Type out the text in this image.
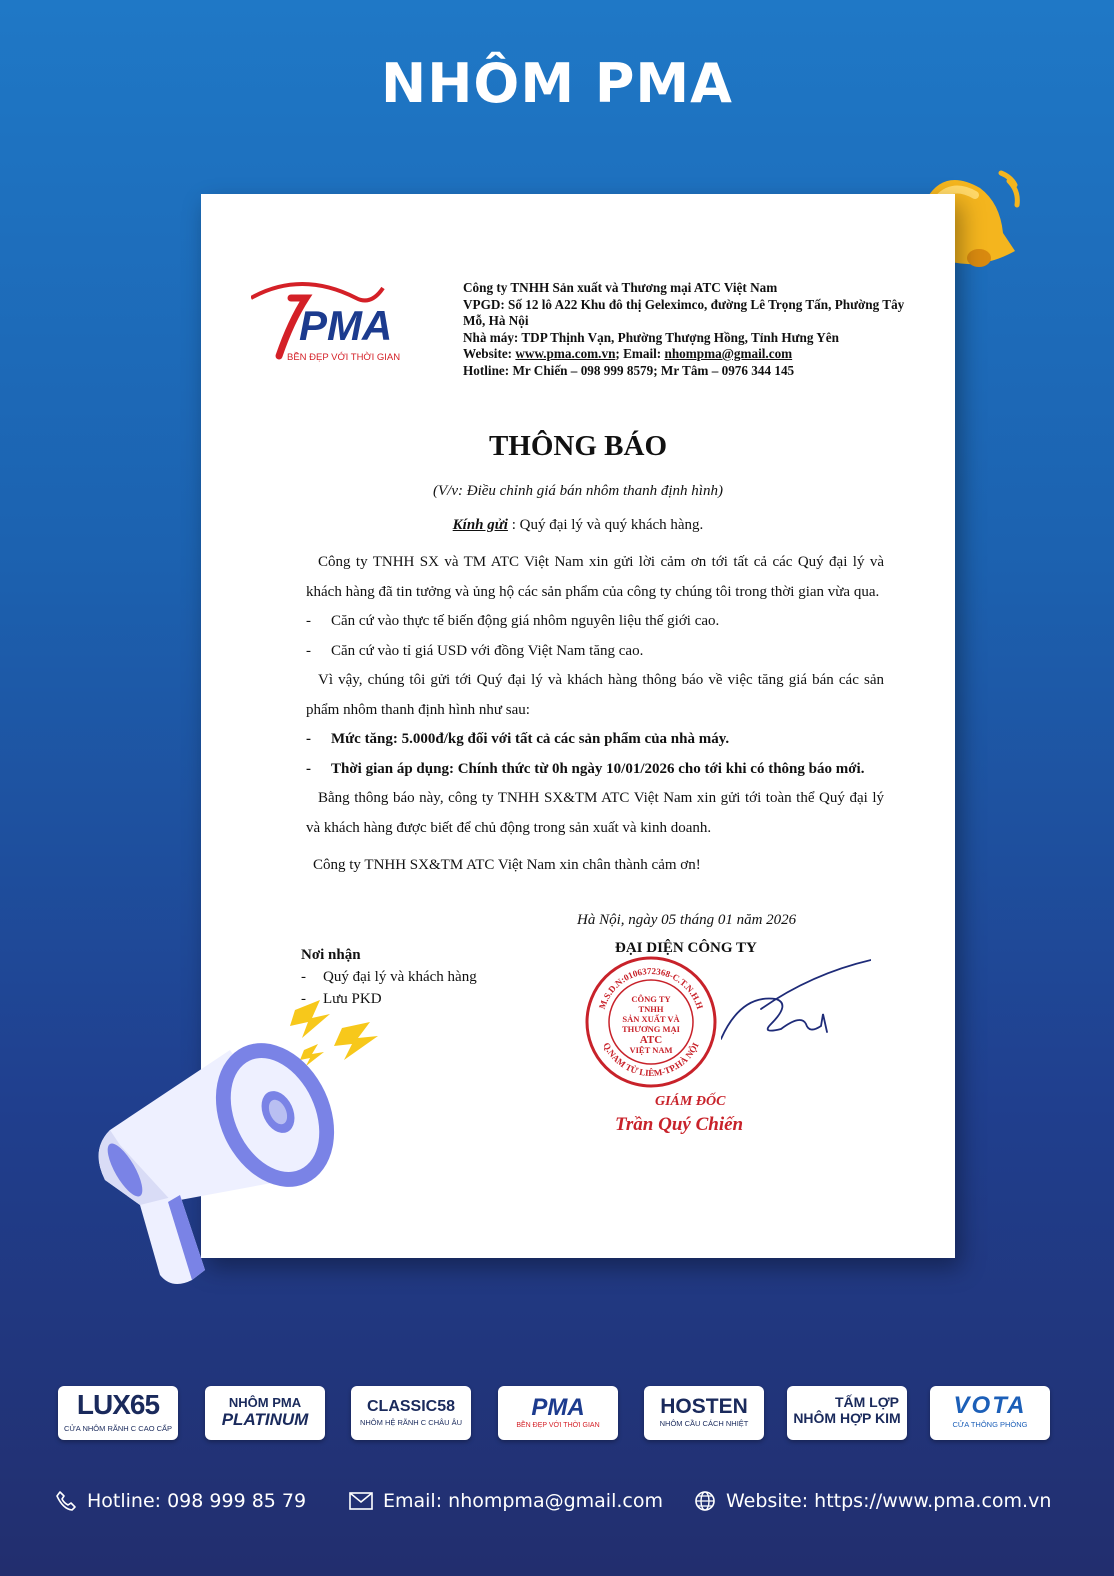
NHÔM PMA
PMA
BỀN ĐẸP VỚI THỜI GIAN
Công ty TNHH Sản xuất và Thương mại ATC Việt Nam
VPGD: Số 12 lô A22 Khu đô thị Geleximco, đường Lê Trọng Tấn, Phường Tây
Mỗ, Hà Nội
Nhà máy: TDP Thịnh Vạn, Phường Thượng Hồng, Tỉnh Hưng Yên
Website: www.pma.com.vn; Email: nhompma@gmail.com
Hotline: Mr Chiến – 098 999 8579; Mr Tâm – 0976 344 145
THÔNG BÁO
(V/v: Điều chỉnh giá bán nhôm thanh định hình)
Kính gửi : Quý đại lý và quý khách hàng.

Công ty TNHH SX và TM ATC Việt Nam xin gửi lời cảm ơn tới tất cả các Quý đại lý và khách hàng đã tin tưởng và ủng hộ các sản phẩm của công ty chúng tôi trong thời gian vừa qua.

-	Căn cứ vào thực tế biến động giá nhôm nguyên liệu thế giới cao.
-	Căn cứ vào tỉ giá USD với đồng Việt Nam tăng cao.

Vì vậy, chúng tôi gửi tới Quý đại lý và khách hàng thông báo về việc tăng giá bán các sản phẩm nhôm thanh định hình như sau:

-	Mức tăng: 5.000đ/kg đối với tất cả các sản phẩm của nhà máy.
-	Thời gian áp dụng: Chính thức từ 0h ngày 10/01/2026 cho tới khi có thông báo mới.

Bằng thông báo này, công ty TNHH SX&TM ATC Việt Nam xin gửi tới toàn thể Quý đại lý và khách hàng được biết để chủ động trong sản xuất và kinh doanh.

Công ty TNHH SX&TM ATC Việt Nam xin chân thành cảm ơn!

Hà Nội, ngày 05 tháng 01 năm 2026
ĐẠI DIỆN CÔNG TY
Nơi nhận
-	Quý đại lý và khách hàng
-	Lưu PKD	M.S.D.N:0106372368-C.T.N.H.H
Q.NAM TỪ LIÊM-TP.HÀ NỘI
CÔNG TY
TNHH
SẢN XUẤT VÀ
THƯƠNG MẠI
ATC
VIỆT NAM
GIÁM ĐỐC
Trần Quý Chiến
LUX65
CỬA NHÔM RÃNH C CAO CẤP
NHÔM PMA
PLATINUM
CLASSIC58
NHÔM HỆ RÃNH C CHÂU ÂU
PMA
BỀN ĐẸP VỚI THỜI GIAN
HOSTEN
NHÔM CẦU CÁCH NHIỆT
TẤM LỢP
NHÔM HỢP KIM	VOTA
CỬA THÔNG PHÒNG
Hotline: 098 999 85 79	Email: nhompma@gmail.com	Website: https://www.pma.com.vn
